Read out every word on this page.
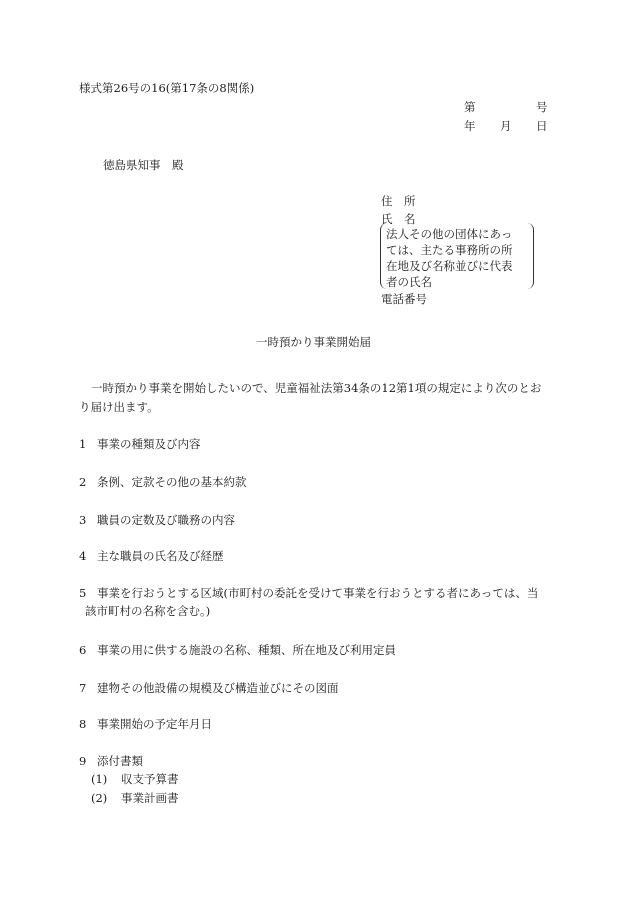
様式第26号の16(第17条の8関係)
第	号
年 月 日
徳島県知事　殿
住　所
氏　名
法人その他の団体にあっ
ては、主たる事務所の所
在地及び名称並びに代表
者の氏名
電話番号
一時預かり事業開始届
一時預かり事業を開始したいので、児童福祉法第34条の12第1項の規定により次のとお
り届け出ます。
1 事業の種類及び内容
2 条例、定款その他の基本約款
3 職員の定数及び職務の内容
4 主な職員の氏名及び経歴
5 事業を行おうとする区域(市町村の委託を受けて事業を行おうとする者にあっては、当
該市町村の名称を含む。)
6 事業の用に供する施設の名称、種類、所在地及び利用定員
7 建物その他設備の規模及び構造並びにその図面
8 事業開始の予定年月日
9 添付書類
(1) 収支予算書
(2) 事業計画書
